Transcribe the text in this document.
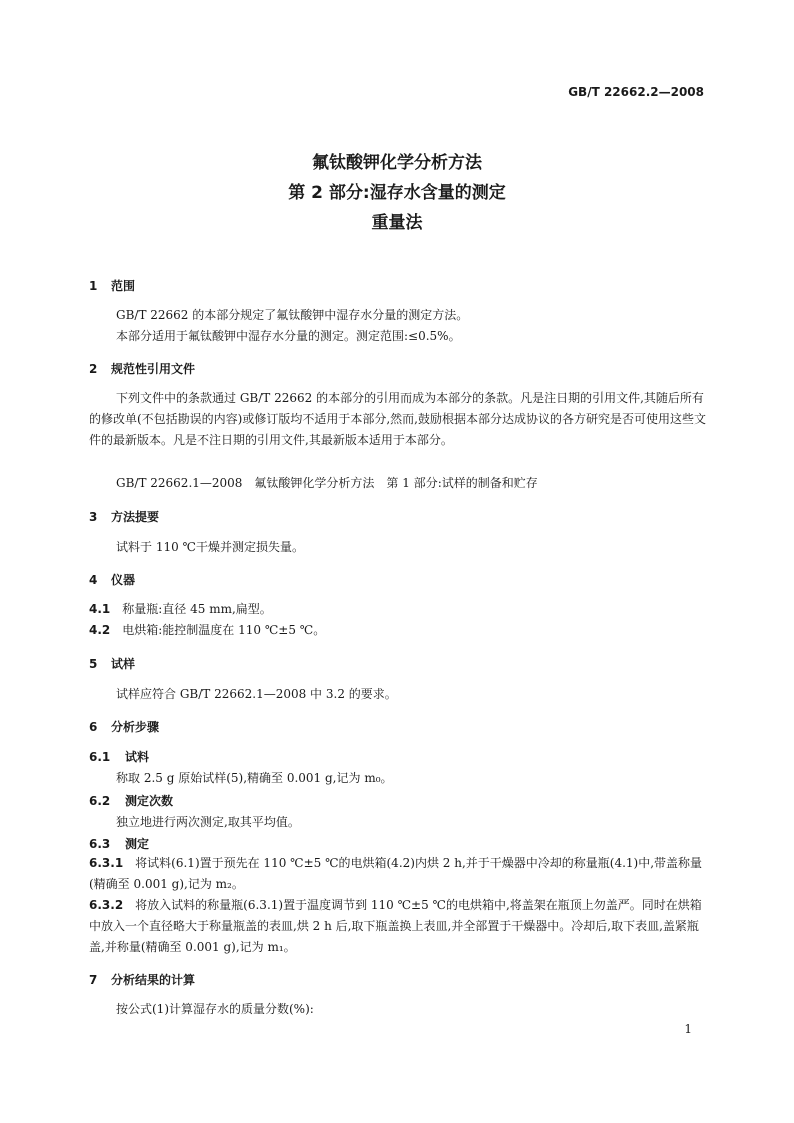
GB/T 22662.2—2008
氟钛酸钾化学分析方法
第 2 部分:湿存水含量的测定
重量法
1 范围
GB/T 22662 的本部分规定了氟钛酸钾中湿存水分量的测定方法。
本部分适用于氟钛酸钾中湿存水分量的测定。测定范围:≤0.5%。
2 规范性引用文件
下列文件中的条款通过 GB/T 22662 的本部分的引用而成为本部分的条款。凡是注日期的引用文件,其随后所有的修改单(不包括勘误的内容)或修订版均不适用于本部分,然而,鼓励根据本部分达成协议的各方研究是否可使用这些文件的最新版本。凡是不注日期的引用文件,其最新版本适用于本部分。
GB/T 22662.1—2008　氟钛酸钾化学分析方法　第 1 部分:试样的制备和贮存
3 方法提要
试料于 110 ℃干燥并测定损失量。
4 仪器
4.1 称量瓶:直径 45 mm,扁型。
4.2 电烘箱:能控制温度在 110 ℃±5 ℃。
5 试样
试样应符合 GB/T 22662.1—2008 中 3.2 的要求。
6 分析步骤
6.1 试料
称取 2.5 g 原始试样(5),精确至 0.001 g,记为 m₀。
6.2 测定次数
独立地进行两次测定,取其平均值。
6.3 测定
6.3.1 将试料(6.1)置于预先在 110 ℃±5 ℃的电烘箱(4.2)内烘 2 h,并于干燥器中冷却的称量瓶(4.1)中,带盖称量(精确至 0.001 g),记为 m₂。
6.3.2 将放入试料的称量瓶(6.3.1)置于温度调节到 110 ℃±5 ℃的电烘箱中,将盖架在瓶顶上勿盖严。同时在烘箱中放入一个直径略大于称量瓶盖的表皿,烘 2 h 后,取下瓶盖换上表皿,并全部置于干燥器中。冷却后,取下表皿,盖紧瓶盖,并称量(精确至 0.001 g),记为 m₁。
7 分析结果的计算
按公式(1)计算湿存水的质量分数(%):
1
